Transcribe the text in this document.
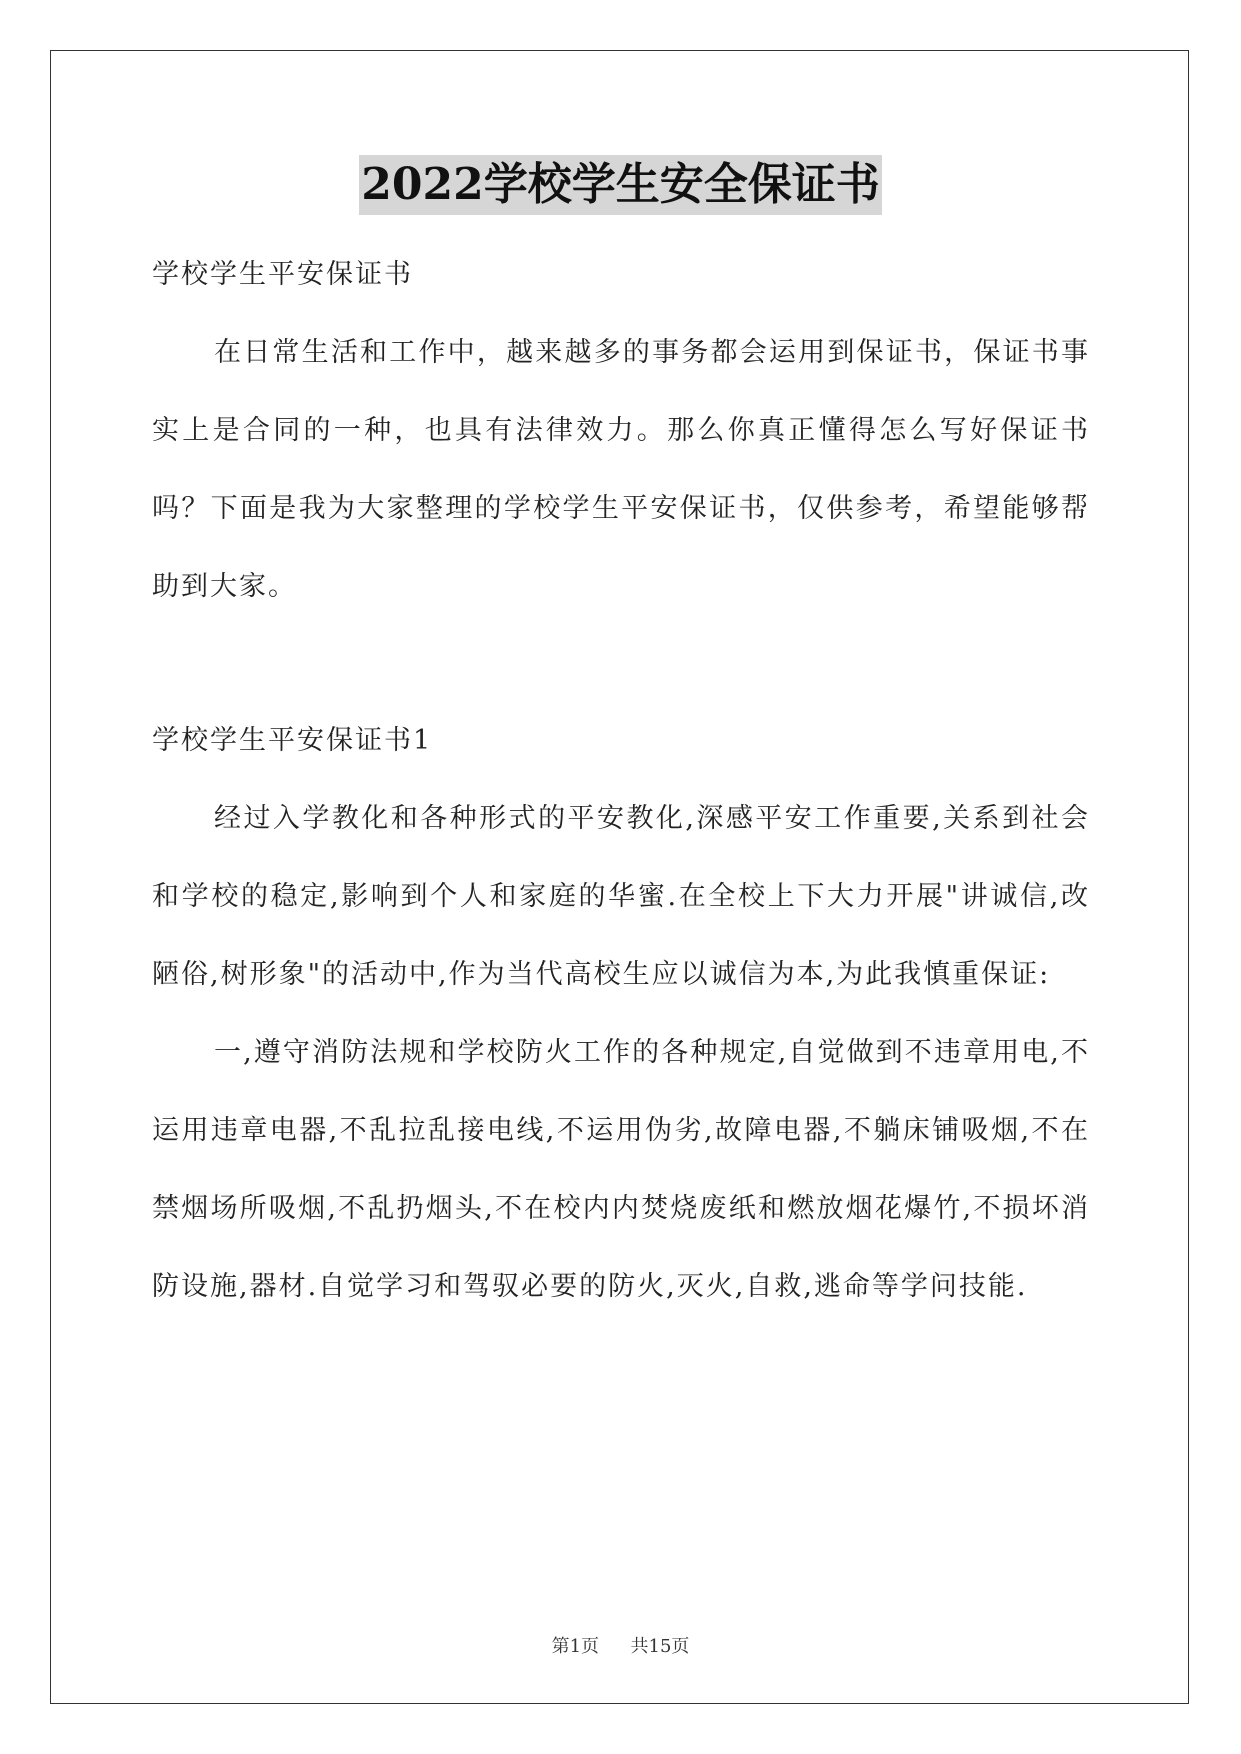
2022学校学生安全保证书

学校学生平安保证书

在日常生活和工作中，越来越多的事务都会运用到保证书，保证书事实上是合同的一种，也具有法律效力。那么你真正懂得怎么写好保证书吗？下面是我为大家整理的学校学生平安保证书，仅供参考，希望能够帮助到大家。

学校学生平安保证书1

经过入学教化和各种形式的平安教化,深感平安工作重要,关系到社会和学校的稳定,影响到个人和家庭的华蜜.在全校上下大力开展"讲诚信,改陋俗,树形象"的活动中,作为当代高校生应以诚信为本,为此我慎重保证:

一,遵守消防法规和学校防火工作的各种规定,自觉做到不违章用电,不运用违章电器,不乱拉乱接电线,不运用伪劣,故障电器,不躺床铺吸烟,不在禁烟场所吸烟,不乱扔烟头,不在校内内焚烧废纸和燃放烟花爆竹,不损坏消防设施,器材.自觉学习和驾驭必要的防火,灭火,自救,逃命等学问技能.

第1页 共15页
